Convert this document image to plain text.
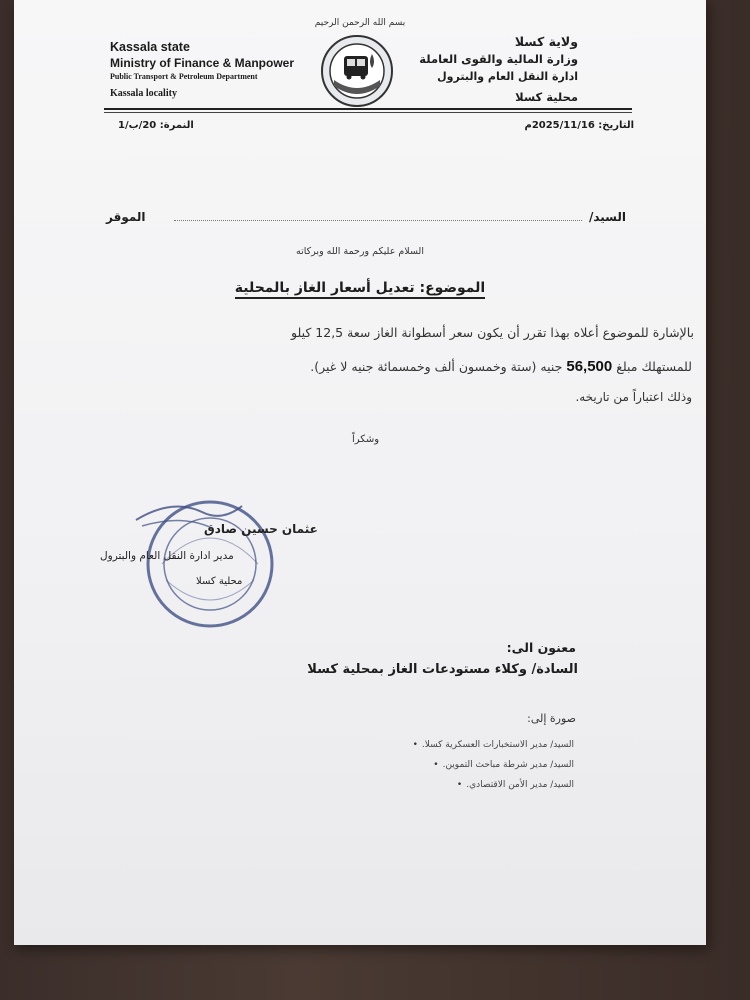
بسم الله الرحمن الرحيم
Kassala state
Ministry of Finance & Manpower
Public Transport & Petroleum Department
Kassala locality
ولاية كسلا
وزارة المالية والقوى العاملة
ادارة النقل العام والبترول
محلية كسلا
التاريخ: 2025/11/16م
النمرة: 20/ب/1
السيد/
الموقر
السلام عليكم ورحمة الله وبركاته
الموضوع: تعديل أسعار الغاز بالمحلية
بالإشارة للموضوع أعلاه بهذا تقرر أن يكون سعر أسطوانة الغاز سعة 12,5 كيلو
للمستهلك مبلغ 56,500 جنيه (ستة وخمسون ألف وخمسمائة جنيه لا غير).
وذلك اعتباراً من تاريخه.
وشكراً
عثمان حسين صادق
مدير ادارة النقل العام والبترول
محلية كسلا
معنون الى:
السادة/ وكلاء مستودعات الغاز بمحلية كسلا
صورة إلى:
السيد/ مدير الاستخبارات العسكرية كسلا. •
السيد/ مدير شرطة مباحث التموين. •
السيد/ مدير الأمن الاقتصادي. •
